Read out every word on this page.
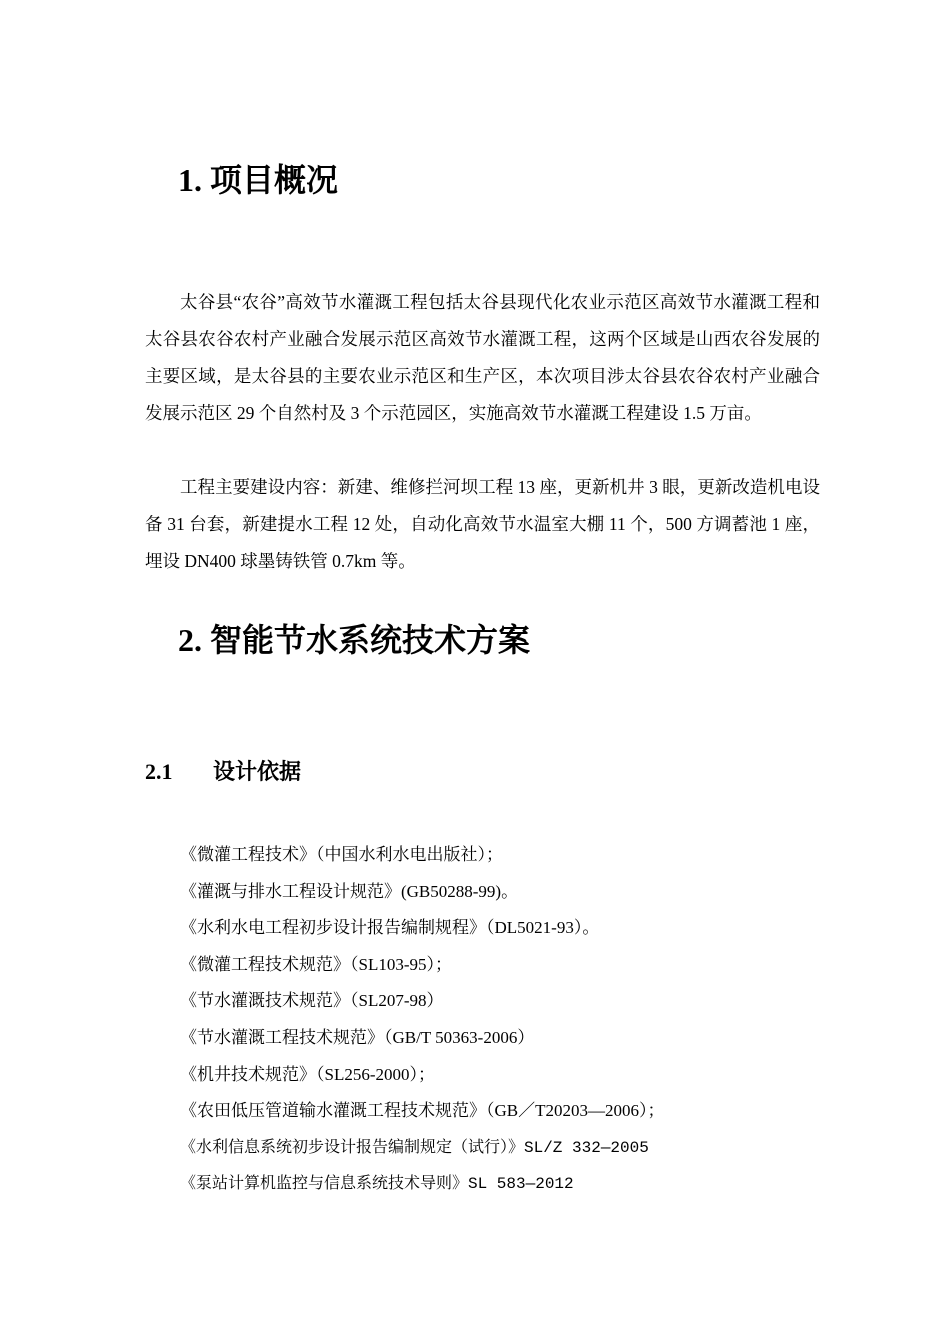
1. 项目概况

太谷县“农谷”高效节水灌溉工程包括太谷县现代化农业示范区高效节水灌溉工程和太谷县农谷农村产业融合发展示范区高效节水灌溉工程，这两个区域是山西农谷发展的主要区域，是太谷县的主要农业示范区和生产区，本次项目涉太谷县农谷农村产业融合发展示范区 29 个自然村及 3 个示范园区，实施高效节水灌溉工程建设 1.5 万亩。

工程主要建设内容：新建、维修拦河坝工程 13 座，更新机井 3 眼，更新改造机电设备 31 台套，新建提水工程 12 处，自动化高效节水温室大棚 11 个，500 方调蓄池 1 座，埋设 DN400 球墨铸铁管 0.7km 等。

2. 智能节水系统技术方案
2.1 设计依据
《微灌工程技术》（中国水利水电出版社）；
《灌溉与排水工程设计规范》(GB50288-99)。
《水利水电工程初步设计报告编制规程》（DL5021-93）。
《微灌工程技术规范》（SL103-95）；
《节水灌溉技术规范》（SL207-98）
《节水灌溉工程技术规范》（GB/T 50363-2006）
《机井技术规范》（SL256-2000）；
《农田低压管道输水灌溉工程技术规范》（GB／T20203—2006）；
《水利信息系统初步设计报告编制规定（试行）》SL/Z 332—2005
《泵站计算机监控与信息系统技术导则》SL 583—2012
